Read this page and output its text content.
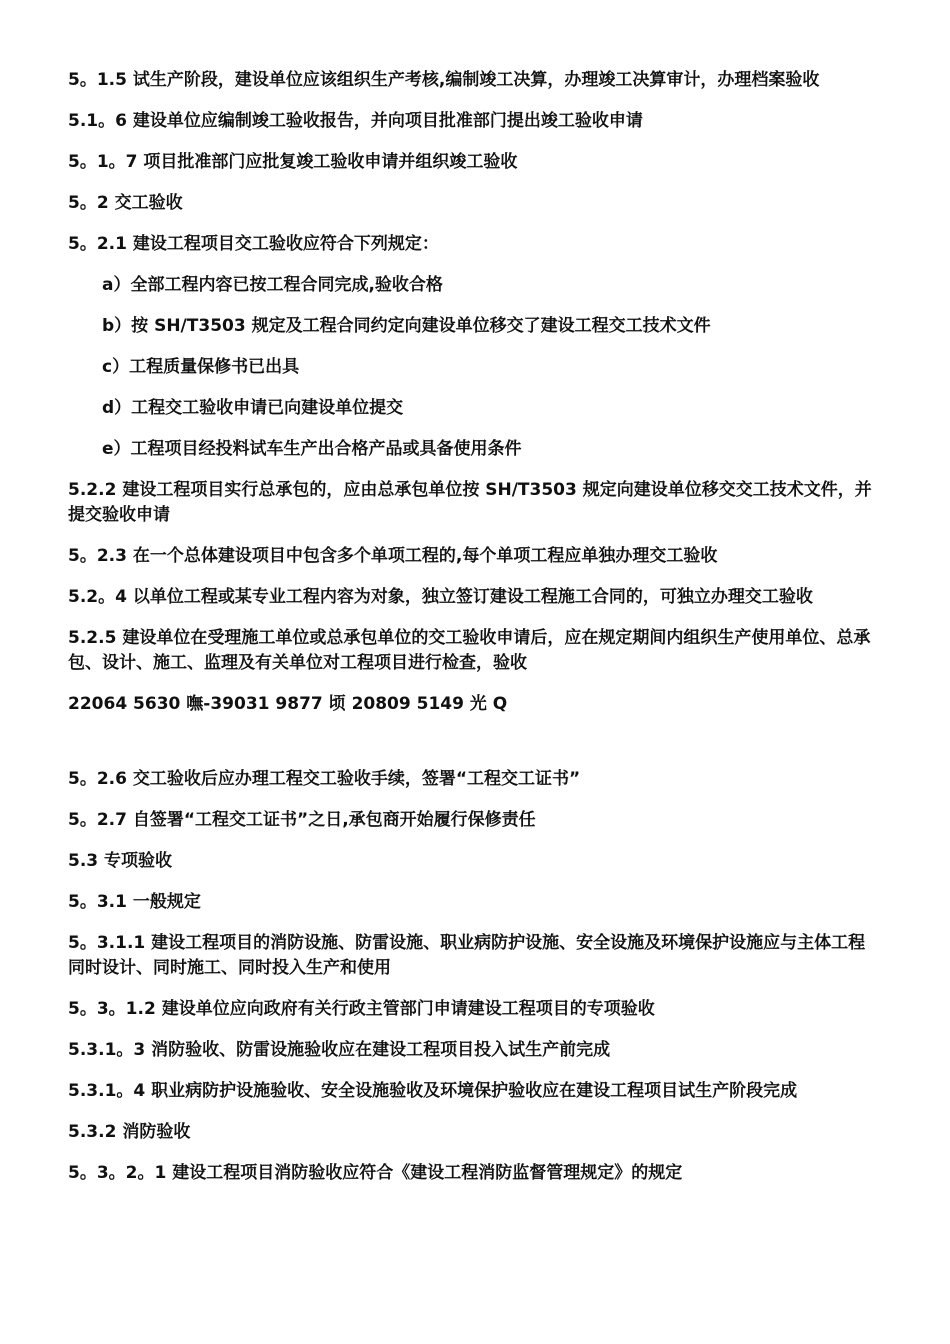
5。1.5 试生产阶段，建设单位应该组织生产考核,编制竣工决算，办理竣工决算审计，办理档案验收

5.1。6 建设单位应编制竣工验收报告，并向项目批准部门提出竣工验收申请

5。1。7 项目批准部门应批复竣工验收申请并组织竣工验收

5。2 交工验收

5。2.1 建设工程项目交工验收应符合下列规定：

a）全部工程内容已按工程合同完成,验收合格

b）按 SH/T3503 规定及工程合同约定向建设单位移交了建设工程交工技术文件

c）工程质量保修书已出具

d）工程交工验收申请已向建设单位提交

e）工程项目经投料试车生产出合格产品或具备使用条件

5.2.2 建设工程项目实行总承包的，应由总承包单位按 SH/T3503 规定向建设单位移交交工技术文件，并提交验收申请

5。2.3 在一个总体建设项目中包含多个单项工程的,每个单项工程应单独办理交工验收

5.2。4 以单位工程或某专业工程内容为对象，独立签订建设工程施工合同的，可独立办理交工验收

5.2.5 建设单位在受理施工单位或总承包单位的交工验收申请后，应在规定期间内组织生产使用单位、总承包、设计、施工、监理及有关单位对工程项目进行检查，验收

22064 5630 嘸-39031 9877 顷 20809 5149 光 Q

5。2.6 交工验收后应办理工程交工验收手续，签署“工程交工证书”

5。2.7 自签署“工程交工证书”之日,承包商开始履行保修责任

5.3 专项验收

5。3.1 一般规定

5。3.1.1 建设工程项目的消防设施、防雷设施、职业病防护设施、安全设施及环境保护设施应与主体工程同时设计、同时施工、同时投入生产和使用

5。3。1.2 建设单位应向政府有关行政主管部门申请建设工程项目的专项验收

5.3.1。3 消防验收、防雷设施验收应在建设工程项目投入试生产前完成

5.3.1。4 职业病防护设施验收、安全设施验收及环境保护验收应在建设工程项目试生产阶段完成

5.3.2 消防验收

5。3。2。1 建设工程项目消防验收应符合《建设工程消防监督管理规定》的规定
